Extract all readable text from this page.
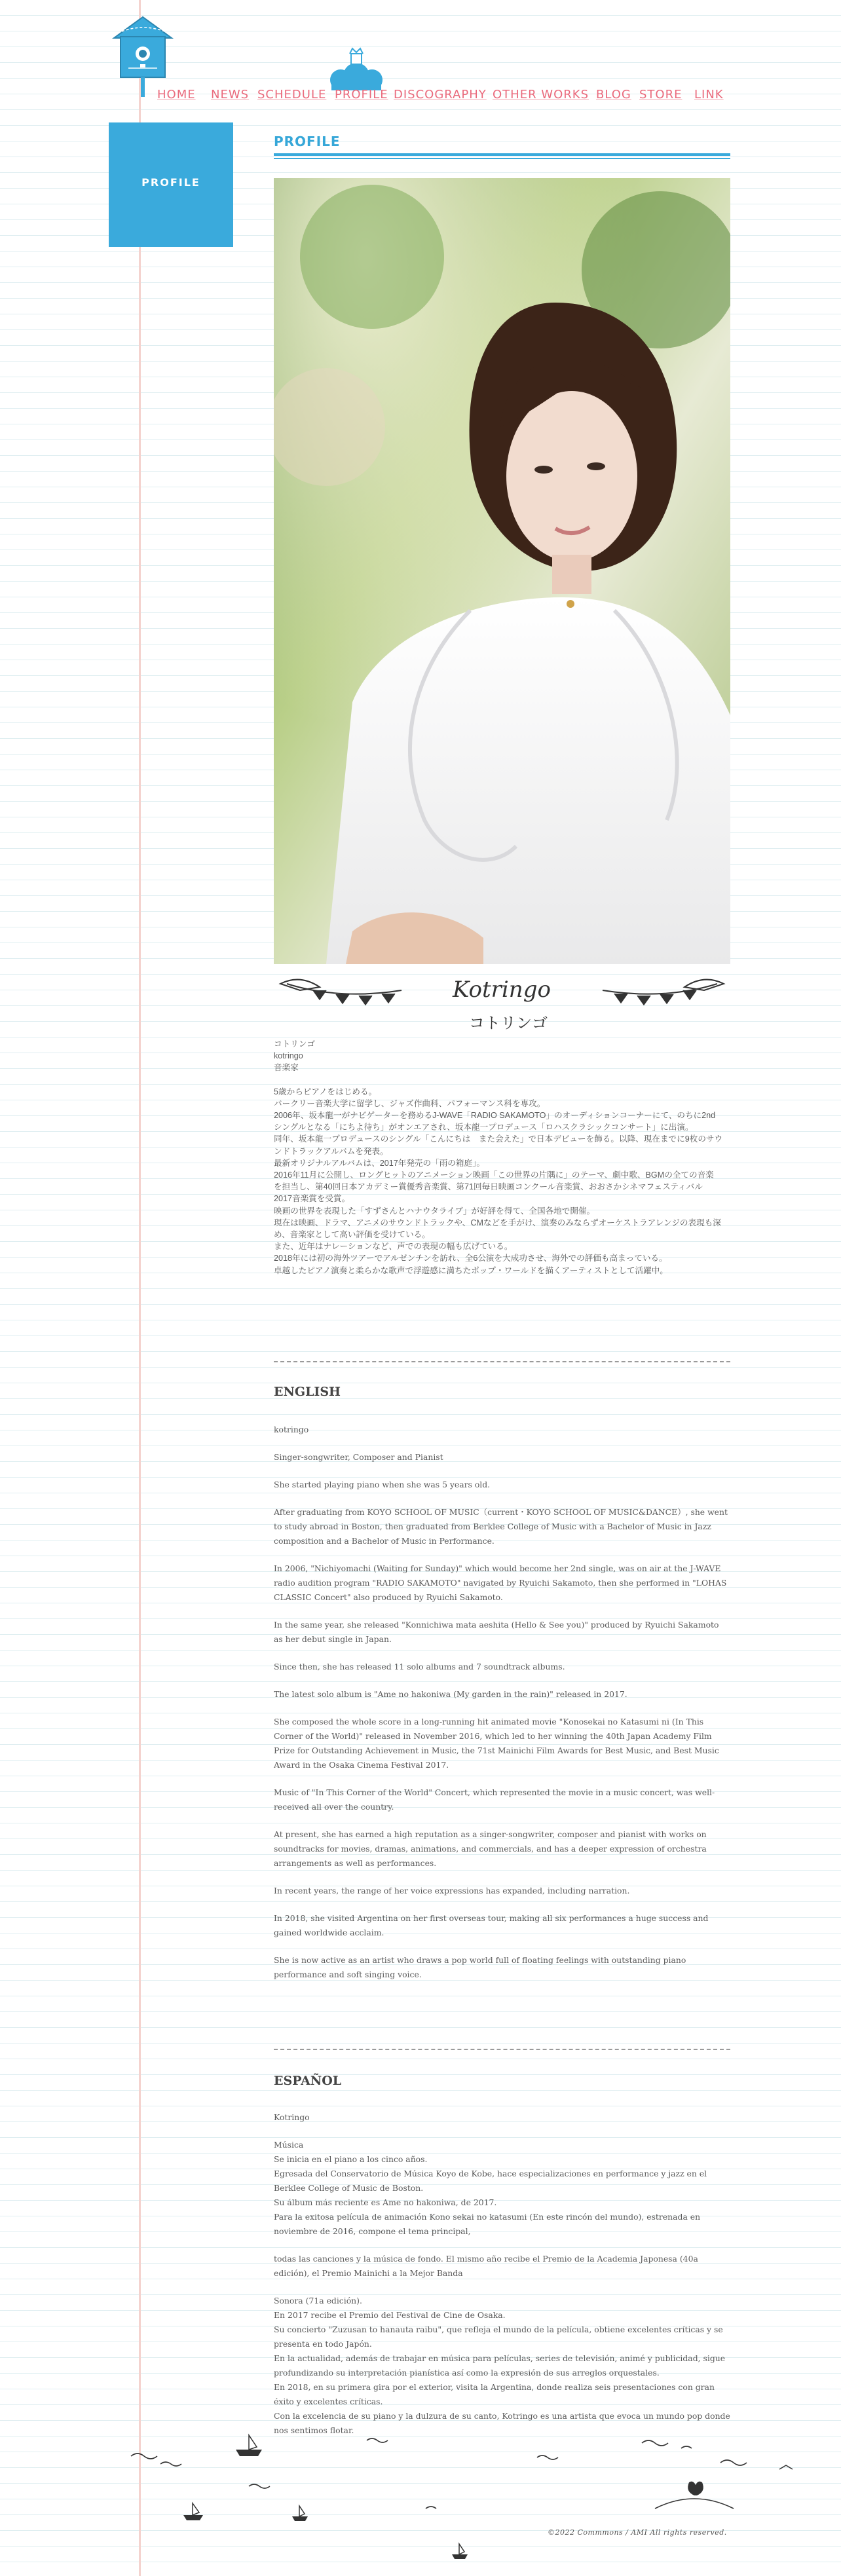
HOME NEWS SCHEDULE PROFILE DISCOGRAPHY OTHER WORKS BLOG STORE LINK
PROFILE
PROFILE
Kotringo
コトリンゴ

コトリンゴ

kotringo

音楽家

5歳からピアノをはじめる。

バークリー音楽大学に留学し、ジャズ作曲科、パフォーマンス科を専攻。

2006年、坂本龍一がナビゲーターを務めるJ-WAVE「RADIO SAKAMOTO」のオーディションコーナーにて、のちに2nd

シングルとなる「にちよ待ち」がオンエアされ、坂本龍一プロデュース「ロハスクラシックコンサート」に出演。

同年、坂本龍一プロデュースのシングル「こんにちは　また会えた」で日本デビューを飾る。以降、現在までに9枚のサウ

ンドトラックアルバムを発表。

最新オリジナルアルバムは、2017年発売の「雨の箱庭」。

2016年11月に公開し、ロングヒットのアニメーション映画「この世界の片隅に」のテーマ、劇中歌、BGMの全ての音楽

を担当し、第40回日本アカデミー賞優秀音楽賞、第71回毎日映画コンクール音楽賞、おおさかシネマフェスティバル

2017音楽賞を受賞。

映画の世界を表現した「すずさんとハナウタライブ」が好評を得て、全国各地で開催。

現在は映画、ドラマ、アニメのサウンドトラックや、CMなどを手がけ、演奏のみならずオーケストラアレンジの表現も深

め、音楽家として高い評価を受けている。

また、近年はナレーションなど、声での表現の幅も広げている。

2018年には初の海外ツアーでアルゼンチンを訪れ、全6公演を大成功させ、海外での評価も高まっている。

卓越したピアノ演奏と柔らかな歌声で浮遊感に満ちたポップ・ワールドを描くアーティストとして活躍中。

ENGLISH

kotringo

Singer-songwriter, Composer and Pianist

She started playing piano when she was 5 years old.

After graduating from KOYO SCHOOL OF MUSIC（current・KOYO SCHOOL OF MUSIC&DANCE）, she went to study abroad in Boston, then graduated from Berklee College of Music with a Bachelor of Music in Jazz composition and a Bachelor of Music in Performance.

In 2006, "Nichiyomachi (Waiting for Sunday)" which would become her 2nd single, was on air at the J-WAVE radio audition program "RADIO SAKAMOTO" navigated by Ryuichi Sakamoto, then she performed in "LOHAS CLASSIC Concert" also produced by Ryuichi Sakamoto.

In the same year, she released "Konnichiwa mata aeshita (Hello & See you)" produced by Ryuichi Sakamoto as her debut single in Japan.

Since then, she has released 11 solo albums and 7 soundtrack albums.

The latest solo album is "Ame no hakoniwa (My garden in the rain)" released in 2017.

She composed the whole score in a long-running hit animated movie "Konosekai no Katasumi ni (In This Corner of the World)" released in November 2016, which led to her winning the 40th Japan Academy Film Prize for Outstanding Achievement in Music, the 71st Mainichi Film Awards for Best Music, and Best Music Award in the Osaka Cinema Festival 2017.

Music of "In This Corner of the World" Concert, which represented the movie in a music concert, was well-received all over the country.

At present, she has earned a high reputation as a singer-songwriter, composer and pianist with works on soundtracks for movies, dramas, animations, and commercials, and has a deeper expression of orchestra arrangements as well as performances.

In recent years, the range of her voice expressions has expanded, including narration.

In 2018, she visited Argentina on her first overseas tour, making all six performances a huge success and gained worldwide acclaim.

She is now active as an artist who draws a pop world full of floating feelings with outstanding piano performance and soft singing voice.

ESPAÑOL

Kotringo

Música

Se inicia en el piano a los cinco años.

Egresada del Conservatorio de Música Koyo de Kobe, hace especializaciones en performance y jazz en el Berklee College of Music de Boston.

Su álbum más reciente es Ame no hakoniwa, de 2017.

Para la exitosa película de animación Kono sekai no katasumi (En este rincón del mundo), estrenada en noviembre de 2016, compone el tema principal,

todas las canciones y la música de fondo. El mismo año recibe el Premio de la Academia Japonesa (40a edición), el Premio Mainichi a la Mejor Banda

Sonora (71a edición).

En 2017 recibe el Premio del Festival de Cine de Osaka.

Su concierto "Zuzusan to hanauta raibu", que refleja el mundo de la película, obtiene excelentes críticas y se presenta en todo Japón.

En la actualidad, además de trabajar en música para películas, series de televisión, animé y publicidad, sigue profundizando su interpretación pianística así como la expresión de sus arreglos orquestales.

En 2018, en su primera gira por el exterior, visita la Argentina, donde realiza seis presentaciones con gran éxito y excelentes críticas.

Con la excelencia de su piano y la dulzura de su canto, Kotringo es una artista que evoca un mundo pop donde nos sentimos flotar.

©2022 Commmons / AMI All rights reserved.
